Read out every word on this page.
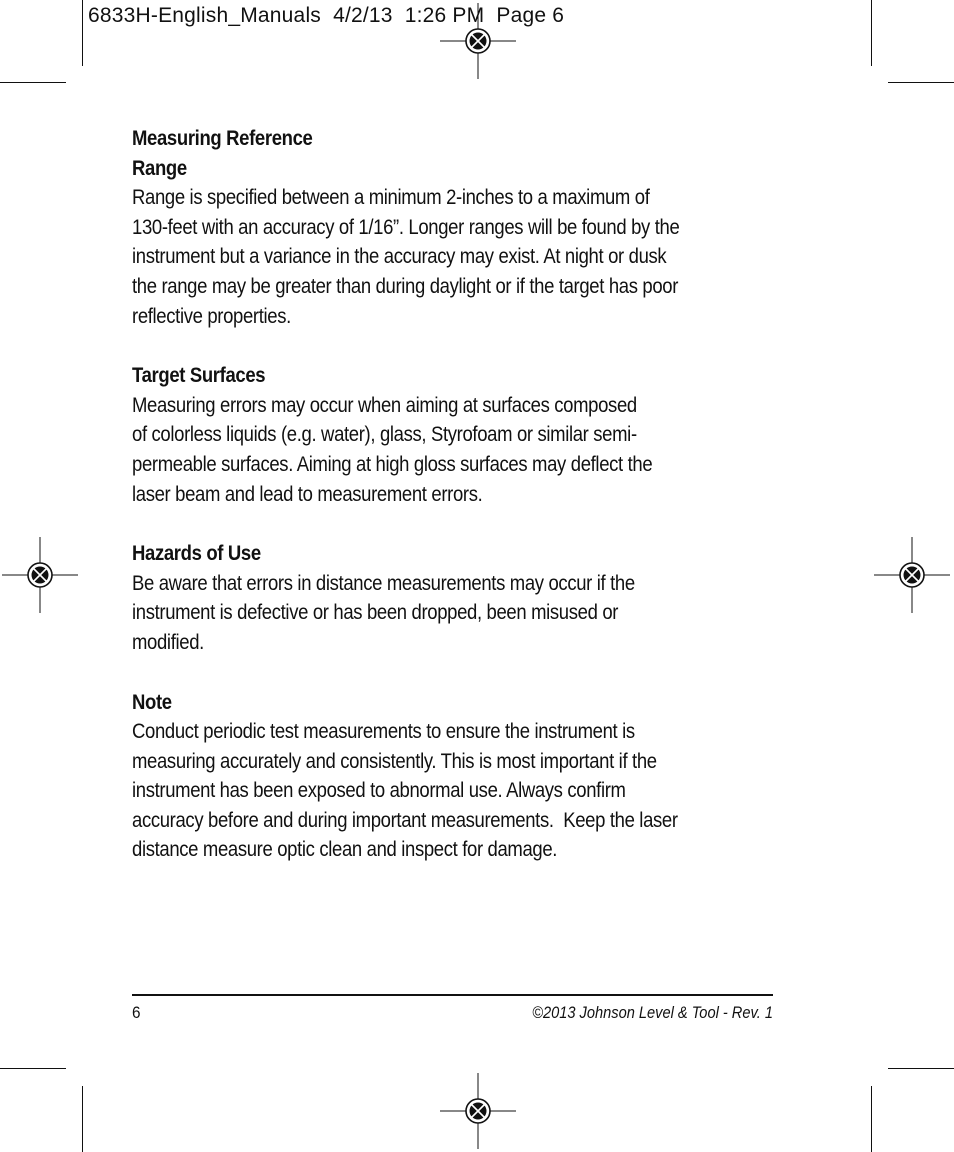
6833H-English_Manuals  4/2/13  1:26 PM  Page 6
Measuring Reference
Range
Range is specified between a minimum 2-inches to a maximum of
130-feet with an accuracy of 1/16”. Longer ranges will be found by the
instrument but a variance in the accuracy may exist. At night or dusk
the range may be greater than during daylight or if the target has poor
reflective properties.
Target Surfaces
Measuring errors may occur when aiming at surfaces composed
of colorless liquids (e.g. water), glass, Styrofoam or similar semi-
permeable surfaces. Aiming at high gloss surfaces may deflect the
laser beam and lead to measurement errors.
Hazards of Use
Be aware that errors in distance measurements may occur if the
instrument is defective or has been dropped, been misused or
modified.
Note
Conduct periodic test measurements to ensure the instrument is
measuring accurately and consistently. This is most important if the
instrument has been exposed to abnormal use. Always confirm
accuracy before and during important measurements.  Keep the laser
distance measure optic clean and inspect for damage.
6	©2013 Johnson Level & Tool - Rev. 1
